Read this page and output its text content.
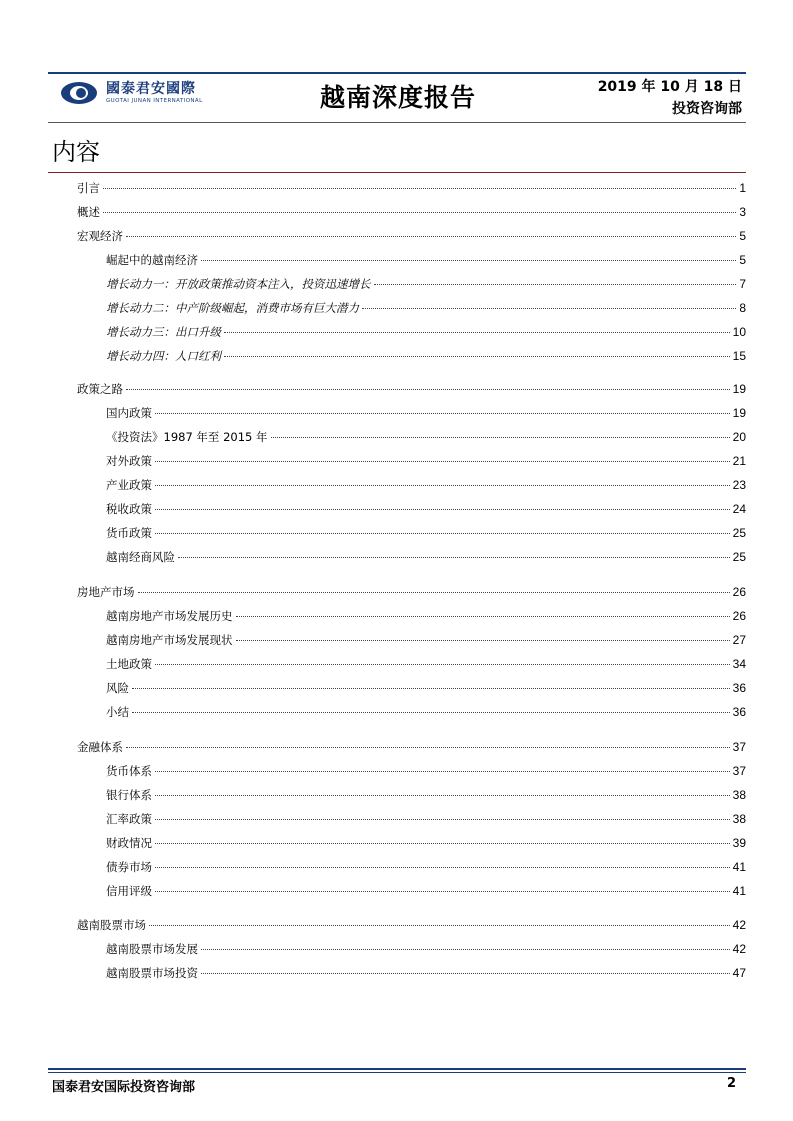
國泰君安國際
GUOTAI JUNAN INTERNATIONAL	越南深度报告	2019 年 10 月 18 日
投资咨询部
内容
引言	1
概述	3
宏观经济	5
崛起中的越南经济	5
增长动力一：开放政策推动资本注入，投资迅速增长	7
增长动力二：中产阶级崛起，消费市场有巨大潜力	8
增长动力三：出口升级	10
增长动力四：人口红利	15
政策之路	19
国内政策	19
《投资法》1987 年至 2015 年	20
对外政策	21
产业政策	23
税收政策	24
货币政策	25
越南经商风险	25
房地产市场	26
越南房地产市场发展历史	26
越南房地产市场发展现状	27
土地政策	34
风险	36
小结	36
金融体系	37
货币体系	37
银行体系	38
汇率政策	38
财政情况	39
债券市场	41
信用评级	41
越南股票市场	42
越南股票市场发展	42
越南股票市场投资	47
国泰君安国际投资咨询部	2
